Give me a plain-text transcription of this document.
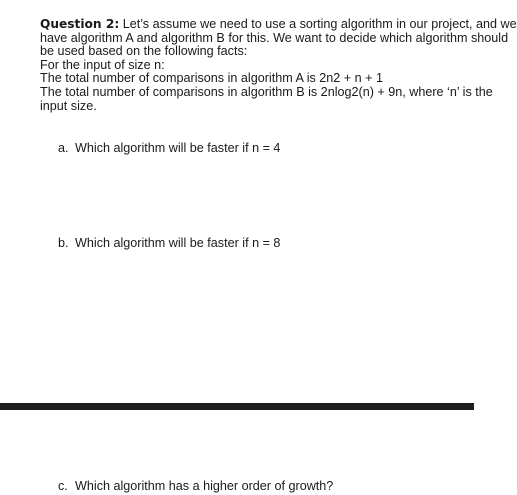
Question 2: Let’s assume we need to use a sorting algorithm in our project, and we

have algorithm A and algorithm B for this. We want to decide which algorithm should

be used based on the following facts:

For the input of size n:

The total number of comparisons in algorithm A is 2n2 + n + 1

The total number of comparisons in algorithm B is 2nlog2(n) + 9n, where ‘n’ is the

input size.

a. Which algorithm will be faster if n = 4
b. Which algorithm will be faster if n = 8
c. Which algorithm has a higher order of growth?
